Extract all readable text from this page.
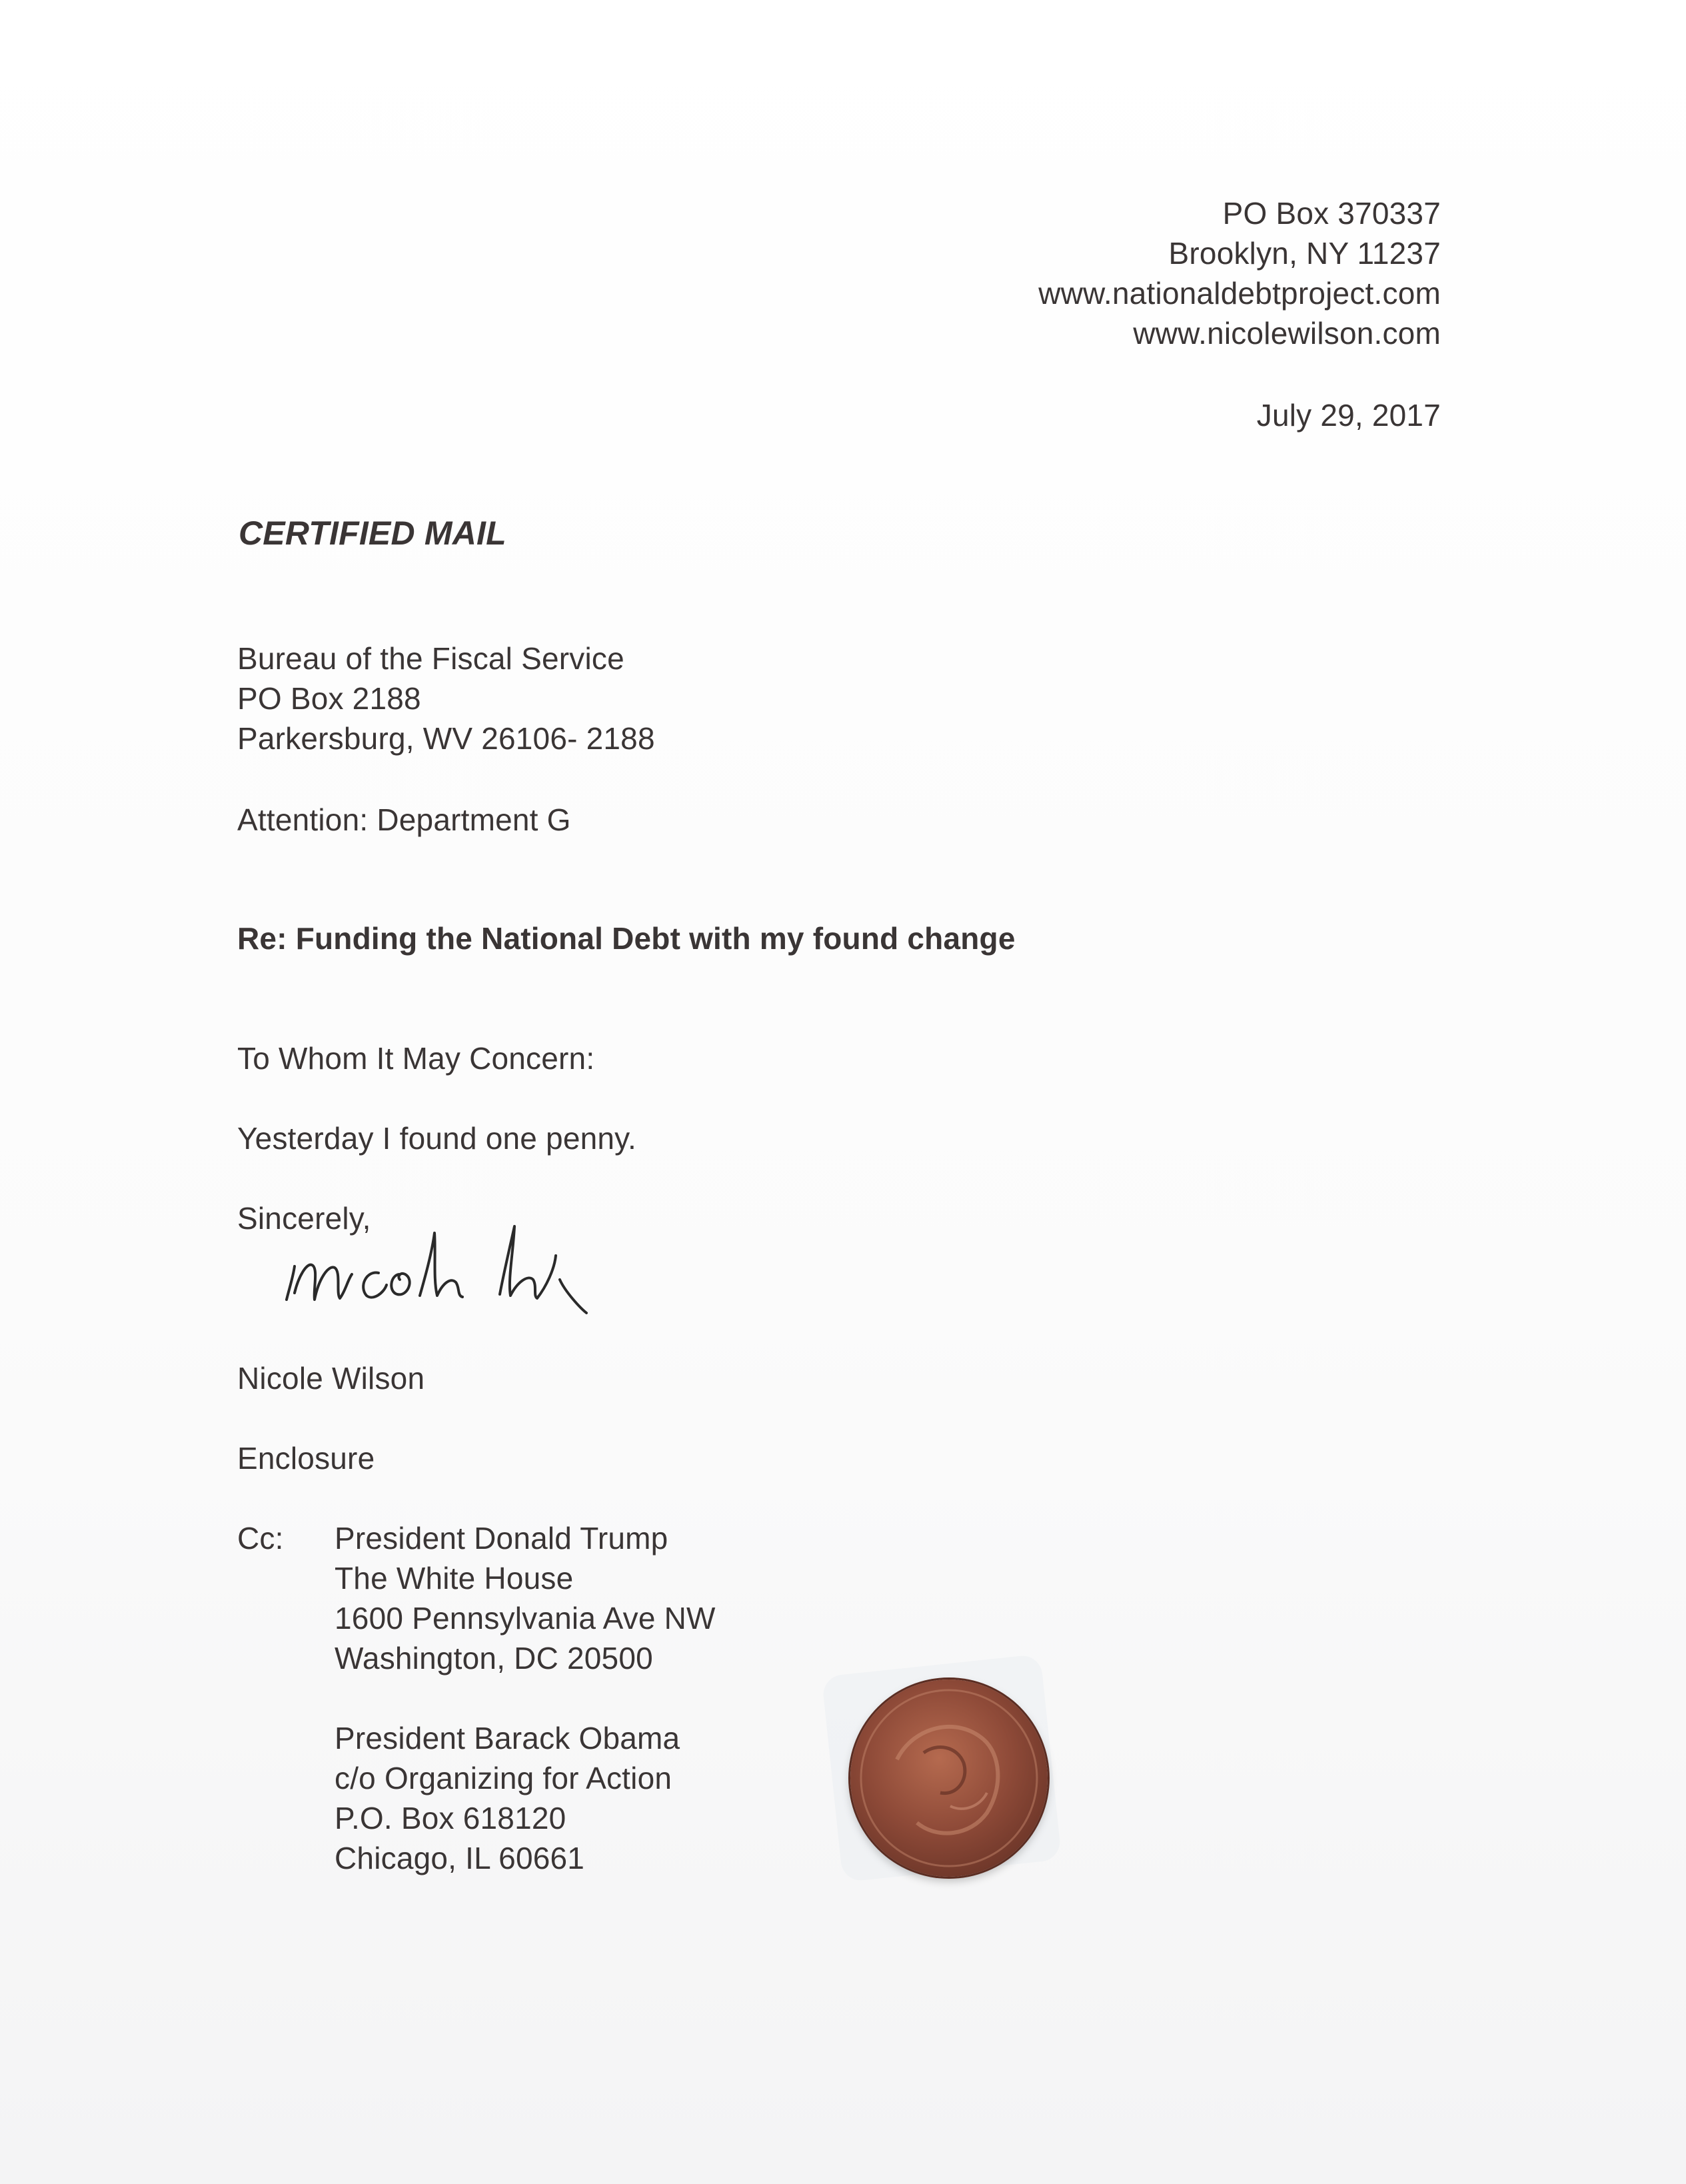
PO Box 370337
Brooklyn, NY 11237
www.nationaldebtproject.com
www.nicolewilson.com
July 29, 2017
CERTIFIED MAIL
Bureau of the Fiscal Service
PO Box 2188
Parkersburg, WV 26106- 2188
Attention: Department G
Re: Funding the National Debt with my found change
To Whom It May Concern:
Yesterday I found one penny.
Sincerely,
Nicole Wilson
Enclosure
Cc: President Donald Trump
The White House
1600 Pennsylvania Ave NW
Washington, DC 20500
President Barack Obama
c/o Organizing for Action
P.O. Box 618120
Chicago, IL 60661
